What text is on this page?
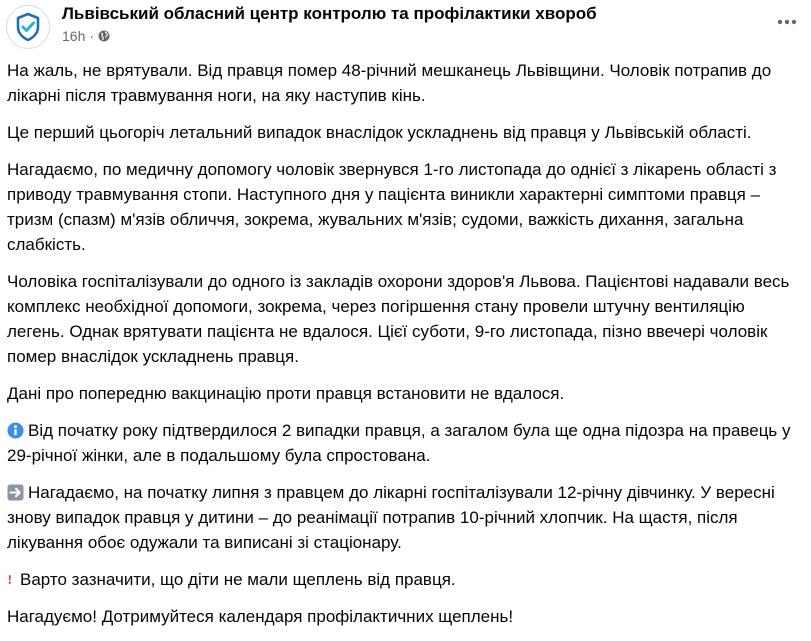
Львівський обласний центр контролю та профілактики хвороб
16h ·

На жаль, не врятували. Від правця помер 48-річний мешканець Львівщини. Чоловік потрапив до лікарні після травмування ноги, на яку наступив кінь.

Це перший цьогоріч летальний випадок внаслідок ускладнень від правця у Львівській області.

Нагадаємо, по медичну допомогу чоловік звернувся 1-го листопада до однієї з лікарень області з приводу травмування стопи. Наступного дня у пацієнта виникли характерні симптоми правця – тризм (спазм) м'язів обличчя, зокрема, жувальних м'язів; судоми, важкість дихання, загальна слабкість.

Чоловіка госпіталізували до одного із закладів охорони здоров'я Львова. Пацієнтові надавали весь комплекс необхідної допомоги, зокрема, через погіршення стану провели штучну вентиляцію легень. Однак врятувати пацієнта не вдалося. Цієї суботи, 9-го листопада, пізно ввечері чоловік помер внаслідок ускладнень правця.

Дані про попередню вакцинацію проти правця встановити не вдалося.

Від початку року підтвердилося 2 випадки правця, а загалом була ще одна підозра на правець у 29-річної жінки, але в подальшому була спростована.

Нагадаємо, на початку липня з правцем до лікарні госпіталізували 12-річну дівчинку. У вересні знову випадок правця у дитини – до реанімації потрапив 10-річний хлопчик. На щастя, після лікування обоє одужали та виписані зі стаціонару.

Варто зазначити, що діти не мали щеплень від правця.

Нагадуємо! Дотримуйтеся календаря профілактичних щеплень!
